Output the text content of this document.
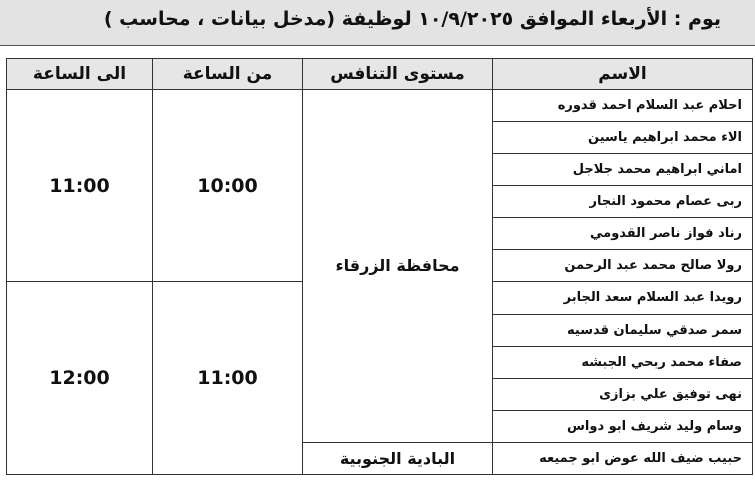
يوم : الأربعاء الموافق ١٠/٩/٢٠٢٥ لوظيفة (مدخل بيانات ، محاسب )
الاسم	مستوى التنافس	من الساعة	الى الساعة
احلام عبد السلام احمد قدوره	محافظة الزرقاء	10:00	11:00
الاء محمد ابراهيم ياسين			
اماني ابراهيم محمد جلاجل			
ربى عصام محمود النجار			
رناد فواز ناصر القدومي			
رولا صالح محمد عبد الرحمن			
رويدا عبد السلام سعد الجابر		11:00	12:00
سمر صدقي سليمان قدسيه			
صفاء محمد ربحي الجبشه			
نهى توفيق علي بزازى			
وسام وليد شريف ابو دواس			
حبيب ضيف الله عوض ابو جميعه	البادية الجنوبية		
